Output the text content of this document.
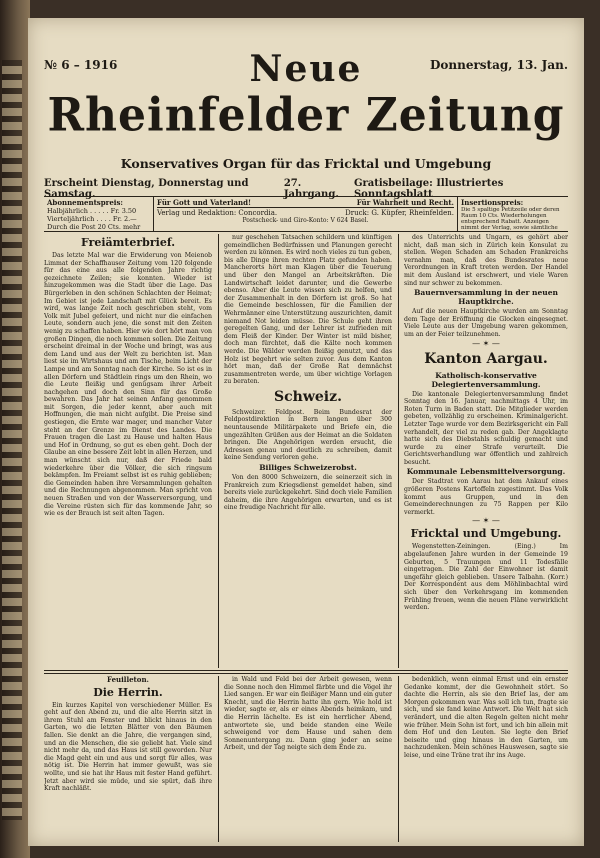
№ 6 – 1916	Donnerstag, 13. Jan.
Neue
Rheinfelder Zeitung
Konservatives Organ für das Fricktal und Umgebung
Erscheint Dienstag, Donnerstag und Samstag.
27. Jahrgang.
Gratisbeilage: Illustriertes Sonntagsblatt
Abonnementspreis:
Halbjährlich . . . . . Fr. 3.50
Vierteljährlich . . . . Fr. 2.—
Durch die Post 20 Cts. mehr
Für Gott und Vaterland!	Für Wahrheit und Recht.
Verlag und Redaktion: Concordia.	Druck: G. Küpfer, Rheinfelden.
Postscheck- und Giro-Konto: V 624 Basel.
Insertionspreis:
Die 5 spaltige Petitzeile oder deren Raum 10 Cts. Wiederholungen entsprechend Rabatt. Anzeigen nimmt der Verlag, sowie sämtliche
Freiämterbrief.

Das letzte Mal war die Erwiderung von Meienob Limmat der Schaffhauser Zeitung vom 120 folgende für das eine aus alle folgenden Jahre richtig gezeichnete Zeilen; sie konnten. Wieder ist hinzugekommen was die Stadt über die Lage. Das Bürgerleben in den schönen Schlachten der Heimat; Im Gebiet ist jede Landschaft mit Glück bereit. Es wird, was lange Zeit noch geschrieben steht, vom Volk mit Jubel gefeiert, und nicht nur die einfachen Leute, sondern auch jene, die sonst mit den Zeiten wenig zu schaffen haben. Hier wie dort hört man von großen Dingen, die noch kommen sollen. Die Zeitung erscheint dreimal in der Woche und bringt, was aus dem Land und aus der Welt zu berichten ist. Man liest sie im Wirtshaus und am Tische, beim Licht der Lampe und am Sonntag nach der Kirche. So ist es in allen Dörfern und Städtlein rings um den Rhein, wo die Leute fleißig und genügsam ihrer Arbeit nachgehen und doch den Sinn für das Große bewahren. Das Jahr hat seinen Anfang genommen mit Sorgen, die jeder kennt, aber auch mit Hoffnungen, die man nicht aufgibt. Die Preise sind gestiegen, die Ernte war mager, und mancher Vater steht an der Grenze im Dienst des Landes. Die Frauen tragen die Last zu Hause und halten Haus und Hof in Ordnung, so gut es eben geht. Doch der Glaube an eine bessere Zeit lebt in allen Herzen, und man wünscht sich nur, daß der Friede bald wiederkehre über die Völker, die sich ringsum bekämpfen. Im Freiamt selbst ist es ruhig geblieben; die Gemeinden haben ihre Versammlungen gehalten und die Rechnungen abgenommen. Man spricht von neuen Straßen und von der Wasserversorgung, und die Vereine rüsten sich für das kommende Jahr, so wie es der Brauch ist seit alten Tagen.

nur geschehen Tatsachen schildern und künftigen gemeindlichen Bedürfnissen und Planungen gerecht werden zu können. Es wird noch vieles zu tun geben, bis alle Dinge ihren rechten Platz gefunden haben. Mancherorts hört man Klagen über die Teuerung und über den Mangel an Arbeitskräften. Die Landwirtschaft leidet darunter, und die Gewerbe ebenso. Aber die Leute wissen sich zu helfen, und der Zusammenhalt in den Dörfern ist groß. So hat die Gemeinde beschlossen, für die Familien der Wehrmänner eine Unterstützung auszurichten, damit niemand Not leiden müsse. Die Schule geht ihren geregelten Gang, und der Lehrer ist zufrieden mit dem Fleiß der Kinder. Der Winter ist mild bisher, doch man fürchtet, daß die Kälte noch kommen werde. Die Wälder werden fleißig genutzt, und das Holz ist begehrt wie selten zuvor. Aus dem Kanton hört man, daß der Große Rat demnächst zusammentreten werde, um über wichtige Vorlagen zu beraten.

Schweiz.

Schweizer. Feldpost. Beim Bundesrat der Feldpostdirektion in Bern langen über 300 neuntausende Militärpakete und Briefe ein, die ungezählten Grüßen aus der Heimat an die Soldaten bringen. Die Angehörigen werden ersucht, die Adressen genau und deutlich zu schreiben, damit keine Sendung verloren gehe.

Billiges Schweizerobst.

Von den 8000 Schweizern, die seinerzeit sich in Frankreich zum Kriegsdienst gemeldet haben, sind bereits viele zurückgekehrt. Sind doch viele Familien daheim, die ihre Angehörigen erwarten, und es ist eine freudige Nachricht für alle.

des Unterrichts und Ungarn, es gehört aber nicht, daß man sich in Zürich kein Konsulat zu stellen. Wegen Schaden am Schaden Frankreichs vernahm man, daß des Bundesrates neue Verordnungen in Kraft treten werden. Der Handel mit dem Ausland ist erschwert, und viele Waren sind nur schwer zu bekommen.

Bauernversammlung in der neuen Hauptkirche.

Auf die neuen Hauptkirche wurden am Sonntag dem Tage der Eröffnung die Glocken eingesegnet. Viele Leute aus der Umgebung waren gekommen, um an der Feier teilzunehmen.

— ✶ —
Kanton Aargau.
Katholisch-konservative Delegiertenversammlung.

Die kantonale Delegiertenversammlung findet Sonntag den 16. Januar, nachmittags 4 Uhr, im Roten Turm in Baden statt. Die Mitglieder werden gebeten, vollzählig zu erscheinen. Kriminalgericht. Letzter Tage wurde vor dem Bezirksgericht ein Fall verhandelt, der viel zu reden gab. Der Angeklagte hatte sich des Diebstahls schuldig gemacht und wurde zu einer Strafe verurteilt. Die Gerichtsverhandlung war öffentlich und zahlreich besucht.

Kommunale Lebensmittelversorgung.

Der Stadtrat von Aarau hat dem Ankauf eines größeren Postens Kartoffeln zugestimmt. Das Volk kommt aus Gruppen, und in den Gemeinderechnungen zu 75 Rappen per Kilo vermerkt.

— ✶ —
Fricktal und Umgebung.

Wegenstetten-Zeiningen. (Eing.) Im abgelaufenen Jahre wurden in der Gemeinde 19 Geburten, 5 Trauungen und 11 Todesfälle eingetragen. Die Zahl der Einwohner ist damit ungefähr gleich geblieben. Unsere Talbahn. (Korr.) Der Korrespondent aus dem Möhlinbachtal wird sich über den Verkehrsgang im kommenden Frühling freuen, wenn die neuen Pläne verwirklicht werden.

Feuilleton.
Die Herrin.

Ein kurzes Kapitel von verschiedener Müller. Es geht auf den Abend zu, und die alte Herrin sitzt in ihrem Stuhl am Fenster und blickt hinaus in den Garten, wo die letzten Blätter von den Bäumen fallen. Sie denkt an die Jahre, die vergangen sind, und an die Menschen, die sie geliebt hat. Viele sind nicht mehr da, und das Haus ist still geworden. Nur die Magd geht ein und aus und sorgt für alles, was nötig ist. Die Herrin hat immer gewußt, was sie wollte, und sie hat ihr Haus mit fester Hand geführt. Jetzt aber wird sie müde, und sie spürt, daß ihre Kraft nachläßt.

in Wald und Feld bei der Arbeit gewesen, wenn die Sonne noch den Himmel färbte und die Vögel ihr Lied sangen. Er war ein fleißiger Mann und ein guter Knecht, und die Herrin hatte ihn gern. Wie hold ist wieder, sagte er, als er eines Abends heimkam, und die Herrin lächelte. Es ist ein herrlicher Abend, antwortete sie, und beide standen eine Weile schweigend vor dem Hause und sahen dem Sonnenuntergang zu. Dann ging jeder an seine Arbeit, und der Tag neigte sich dem Ende zu.

bedenklich, wenn einmal Ernst und ein ernster Gedanke kommt, der die Gewohnheit stört. So dachte die Herrin, als sie den Brief las, der am Morgen gekommen war. Was soll ich tun, fragte sie sich, und sie fand keine Antwort. Die Welt hat sich verändert, und die alten Regeln gelten nicht mehr wie früher. Mein Sohn ist fort, und ich bin allein mit dem Hof und den Leuten. Sie legte den Brief beiseite und ging hinaus in den Garten, um nachzudenken. Mein schönes Hauswesen, sagte sie leise, und eine Träne trat ihr ins Auge.
